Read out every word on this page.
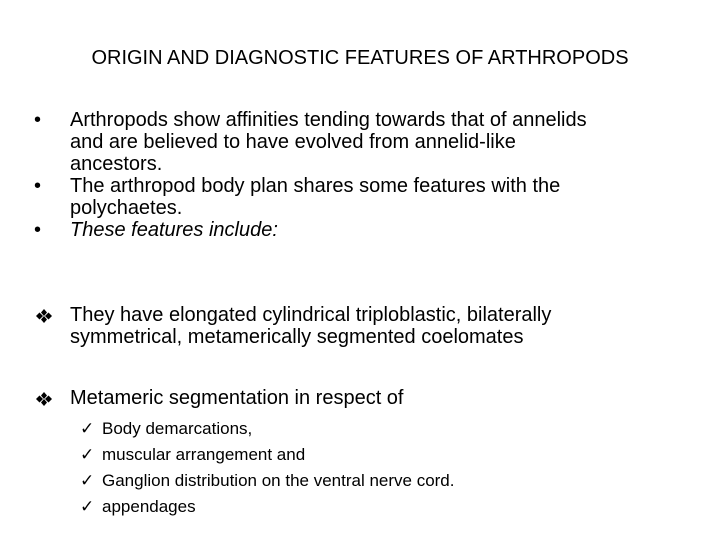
ORIGIN AND DIAGNOSTIC FEATURES OF ARTHROPODS
• Arthropods show affinities tending towards that of annelids
and are believed to have evolved from annelid-like
ancestors.
• The arthropod body plan shares some features with the
polychaetes.
• These features include:
They have elongated cylindrical triploblastic, bilaterally
symmetrical, metamerically segmented coelomates
Metameric segmentation in respect of
✓ Body demarcations,
✓ muscular arrangement and
✓ Ganglion distribution on the ventral nerve cord.
✓ appendages
